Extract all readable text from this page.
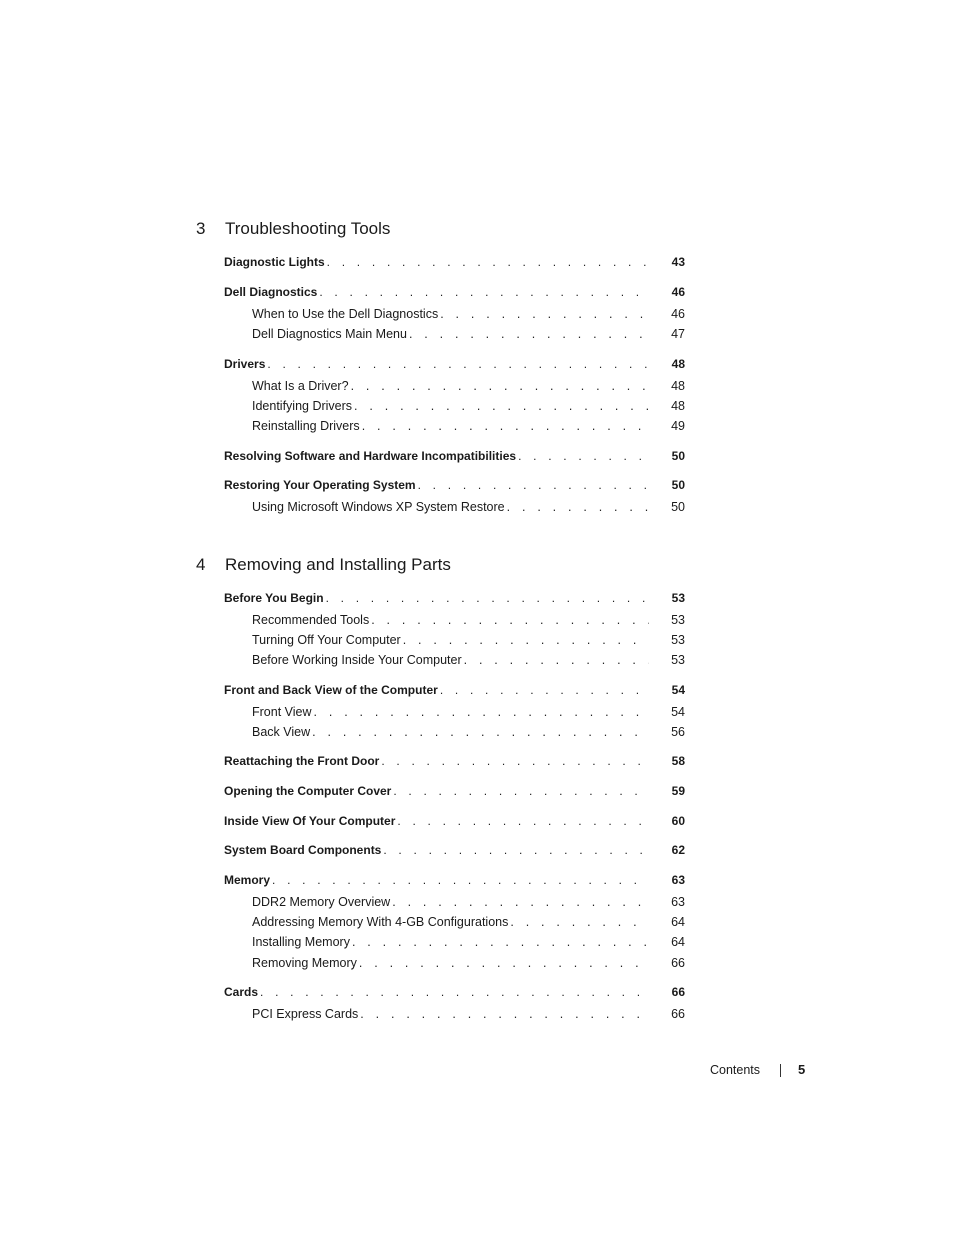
3 Troubleshooting Tools
Diagnostic Lights . . .	43
Dell Diagnostics . . .	46
When to Use the Dell Diagnostics . . .	46
Dell Diagnostics Main Menu . . .	47
Drivers . . .	48
What Is a Driver? . . .	48
Identifying Drivers . . .	48
Reinstalling Drivers . . .	49
Resolving Software and Hardware Incompatibilities . . .	50
Restoring Your Operating System . . .	50
Using Microsoft Windows XP System Restore . . .	50
4 Removing and Installing Parts
Before You Begin . . .	53
Recommended Tools . . .	53
Turning Off Your Computer . . .	53
Before Working Inside Your Computer . . .	53
Front and Back View of the Computer . . .	54
Front View . . .	54
Back View . . .	56
Reattaching the Front Door . . .	58
Opening the Computer Cover . . .	59
Inside View Of Your Computer . . .	60
System Board Components . . .	62
Memory . . .	63
DDR2 Memory Overview . . .	63
Addressing Memory With 4-GB Configurations . . .	64
Installing Memory . . .	64
Removing Memory . . .	66
Cards . . .	66
PCI Express Cards . . .	66
Contents	5
